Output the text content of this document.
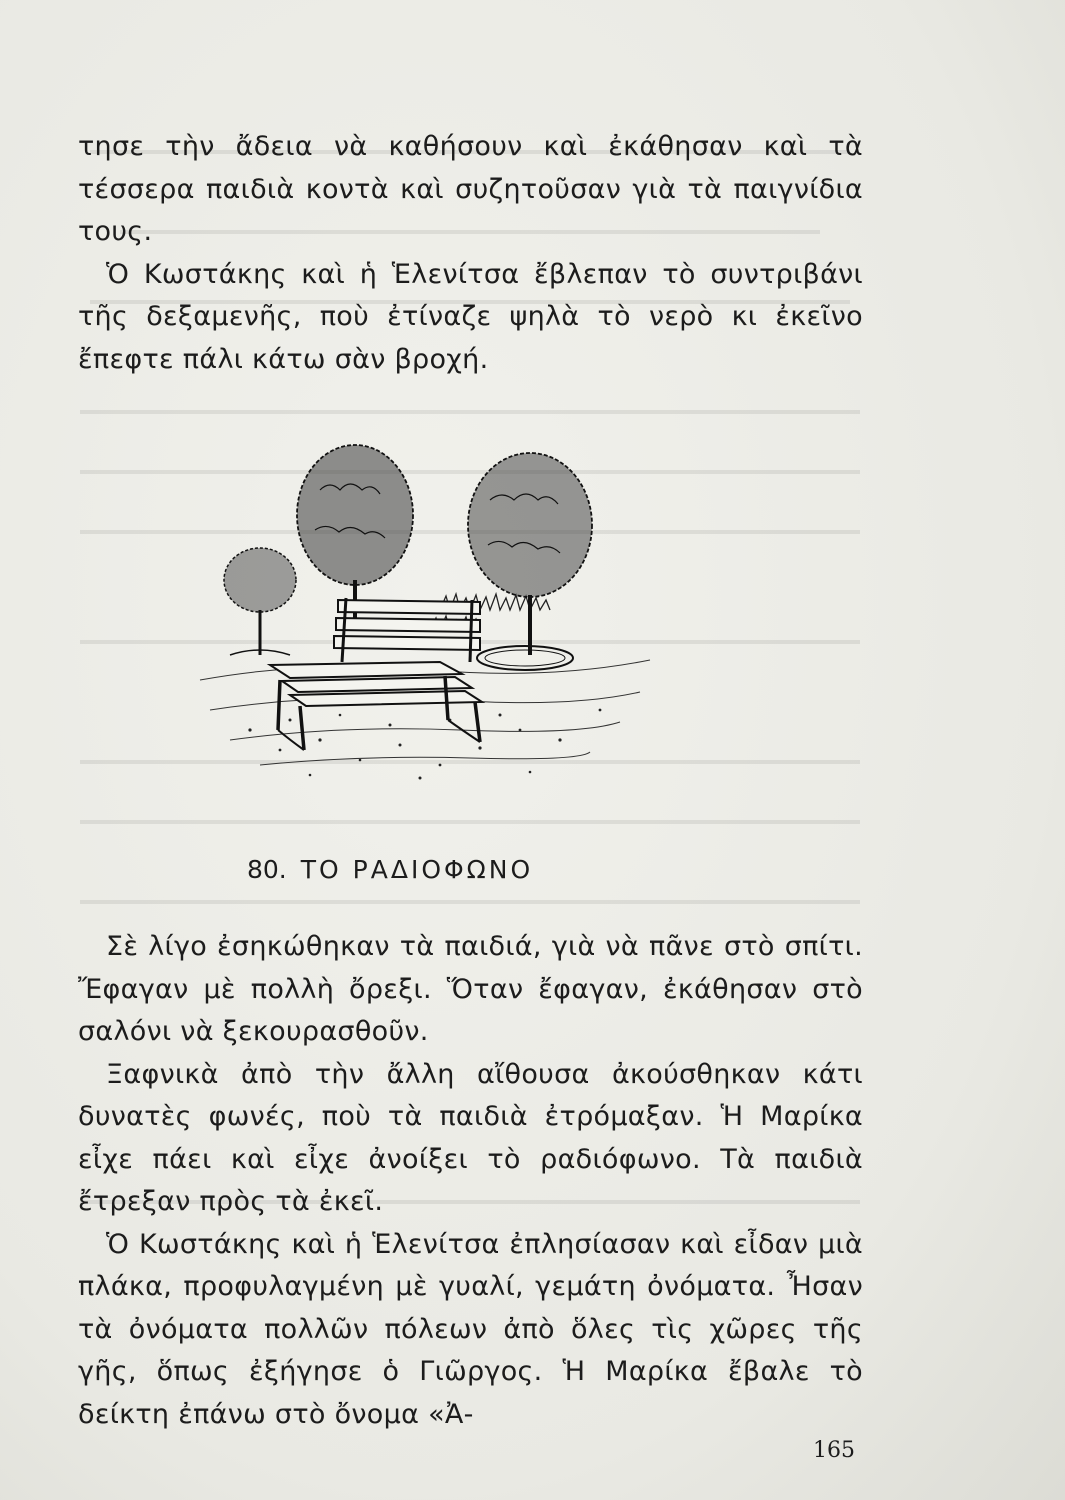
τησε τὴν ἄδεια νὰ καθήσουν καὶ ἐκάθησαν καὶ τὰ τέσσερα παιδιὰ κοντὰ καὶ συζητοῦσαν γιὰ τὰ παιγνίδια τους.

Ὁ Κωστάκης καὶ ἡ Ἑλενίτσα ἔβλεπαν τὸ συντριβάνι τῆς δεξαμενῆς, ποὺ ἐτίναζε ψηλὰ τὸ νερὸ κι ἐκεῖνο ἔπεφτε πάλι κάτω σὰν βροχή.

80. ΤΟ ΡΑΔΙΟΦΩΝΟ

Σὲ λίγο ἐσηκώθηκαν τὰ παιδιά, γιὰ νὰ πᾶνε στὸ σπίτι. Ἔφαγαν μὲ πολλὴ ὄρεξι. Ὅταν ἔφαγαν, ἐκάθησαν στὸ σαλόνι νὰ ξεκουρασθοῦν.

Ξαφνικὰ ἀπὸ τὴν ἄλλη αἴθουσα ἀκούσθηκαν κάτι δυνατὲς φωνές, ποὺ τὰ παιδιὰ ἐτρόμαξαν. Ἡ Μαρίκα εἶχε πάει καὶ εἶχε ἀνοίξει τὸ ραδιόφωνο. Τὰ παιδιὰ ἔτρεξαν πρὸς τὰ ἐκεῖ.

Ὁ Κωστάκης καὶ ἡ Ἑλενίτσα ἐπλησίασαν καὶ εἶδαν μιὰ πλάκα, προφυλαγμένη μὲ γυαλί, γεμάτη ὀνόματα. Ἦσαν τὰ ὀνόματα πολλῶν πόλεων ἀπὸ ὅλες τὶς χῶρες τῆς γῆς, ὅπως ἐξήγησε ὁ Γιῶργος. Ἡ Μαρίκα ἔβαλε τὸ δείκτη ἐπάνω στὸ ὄνομα «Ἀ-

165
